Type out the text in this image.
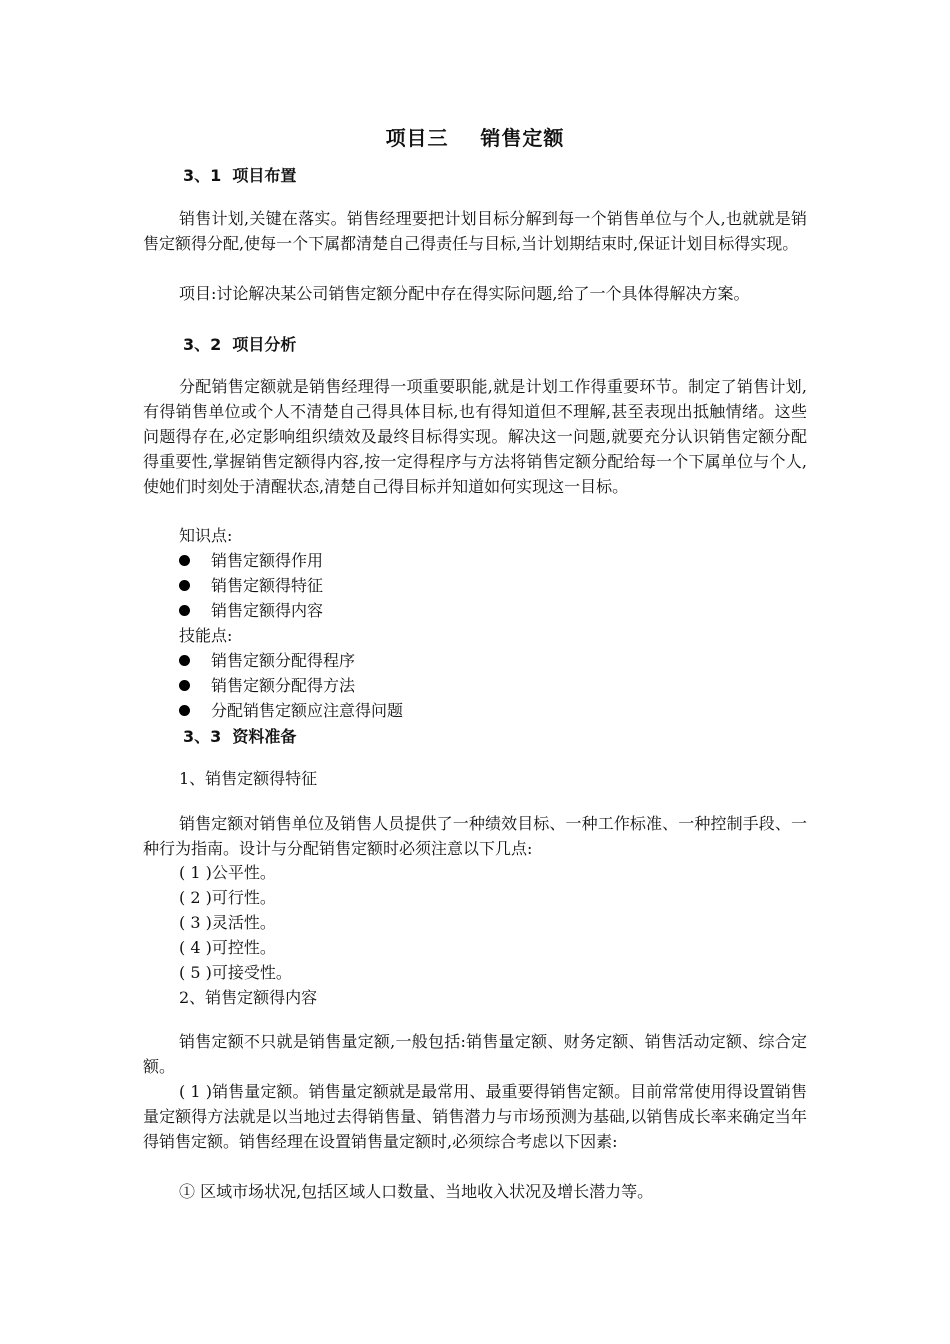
项目三    销售定额
3、1  项目布置

销售计划,关键在落实。销售经理要把计划目标分解到每一个销售单位与个人,也就就是销售定额得分配,使每一个下属都清楚自己得责任与目标,当计划期结束时,保证计划目标得实现。

项目:讨论解决某公司销售定额分配中存在得实际问题,给了一个具体得解决方案。

3、2  项目分析

分配销售定额就是销售经理得一项重要职能,就是计划工作得重要环节。制定了销售计划,有得销售单位或个人不清楚自己得具体目标,也有得知道但不理解,甚至表现出抵触情绪。这些问题得存在,必定影响组织绩效及最终目标得实现。解决这一问题,就要充分认识销售定额分配得重要性,掌握销售定额得内容,按一定得程序与方法将销售定额分配给每一个下属单位与个人,使她们时刻处于清醒状态,清楚自己得目标并知道如何实现这一目标。

知识点:

销售定额得作用

销售定额得特征

销售定额得内容

技能点:

销售定额分配得程序

销售定额分配得方法

分配销售定额应注意得问题

3、3  资料准备
1、销售定额得特征

销售定额对销售单位及销售人员提供了一种绩效目标、一种工作标准、一种控制手段、一种行为指南。设计与分配销售定额时必须注意以下几点:

( 1 )公平性。
( 2 )可行性。
( 3 )灵活性。
( 4 )可控性。
( 5 )可接受性。
2、销售定额得内容

销售定额不只就是销售量定额,一般包括:销售量定额、财务定额、销售活动定额、综合定额。

( 1 )销售量定额。销售量定额就是最常用、最重要得销售定额。目前常常使用得设置销售量定额得方法就是以当地过去得销售量、销售潜力与市场预测为基础,以销售成长率来确定当年得销售定额。销售经理在设置销售量定额时,必须综合考虑以下因素:

① 区域市场状况,包括区域人口数量、当地收入状况及增长潜力等。
